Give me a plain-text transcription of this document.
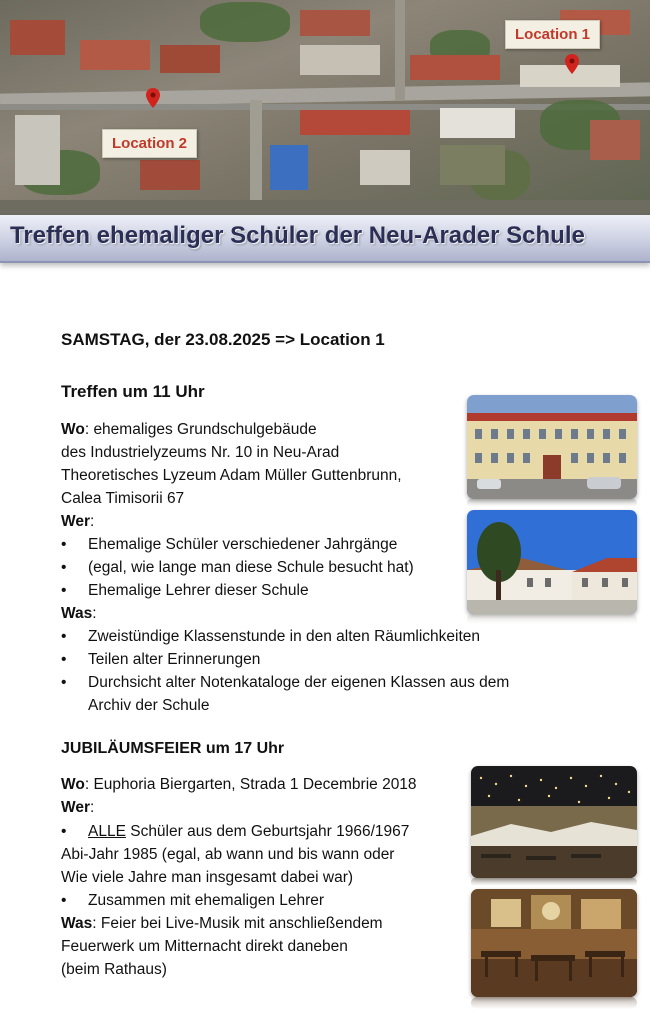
Location 1
Location 2
Treffen ehemaliger Schüler der Neu-Arader Schule
SAMSTAG, der 23.08.2025 => Location 1
Treffen um 11 Uhr
Wo: ehemaliges Grundschulgebäude
des Industrielyzeums Nr. 10 in Neu-Arad
Theoretisches Lyzeum Adam Müller Guttenbrunn,
Calea Timisorii 67
Wer:
• Ehemalige Schüler verschiedener Jahrgänge
• (egal, wie lange man diese Schule besucht hat)
• Ehemalige Lehrer dieser Schule
Was:
• Zweistündige Klassenstunde in den alten Räumlichkeiten
• Teilen alter Erinnerungen
• Durchsicht alter Notenkataloge der eigenen Klassen aus dem
Archiv der Schule
JUBILÄUMSFEIER um 17 Uhr
Wo: Euphoria Biergarten, Strada 1 Decembrie 2018
Wer:
• ALLE Schüler aus dem Geburtsjahr 1966/1967
Abi-Jahr 1985 (egal, ab wann und bis wann oder
Wie viele Jahre man insgesamt dabei war)
• Zusammen mit ehemaligen Lehrer
Was: Feier bei Live-Musik mit anschließendem
Feuerwerk um Mitternacht direkt daneben
(beim Rathaus)
